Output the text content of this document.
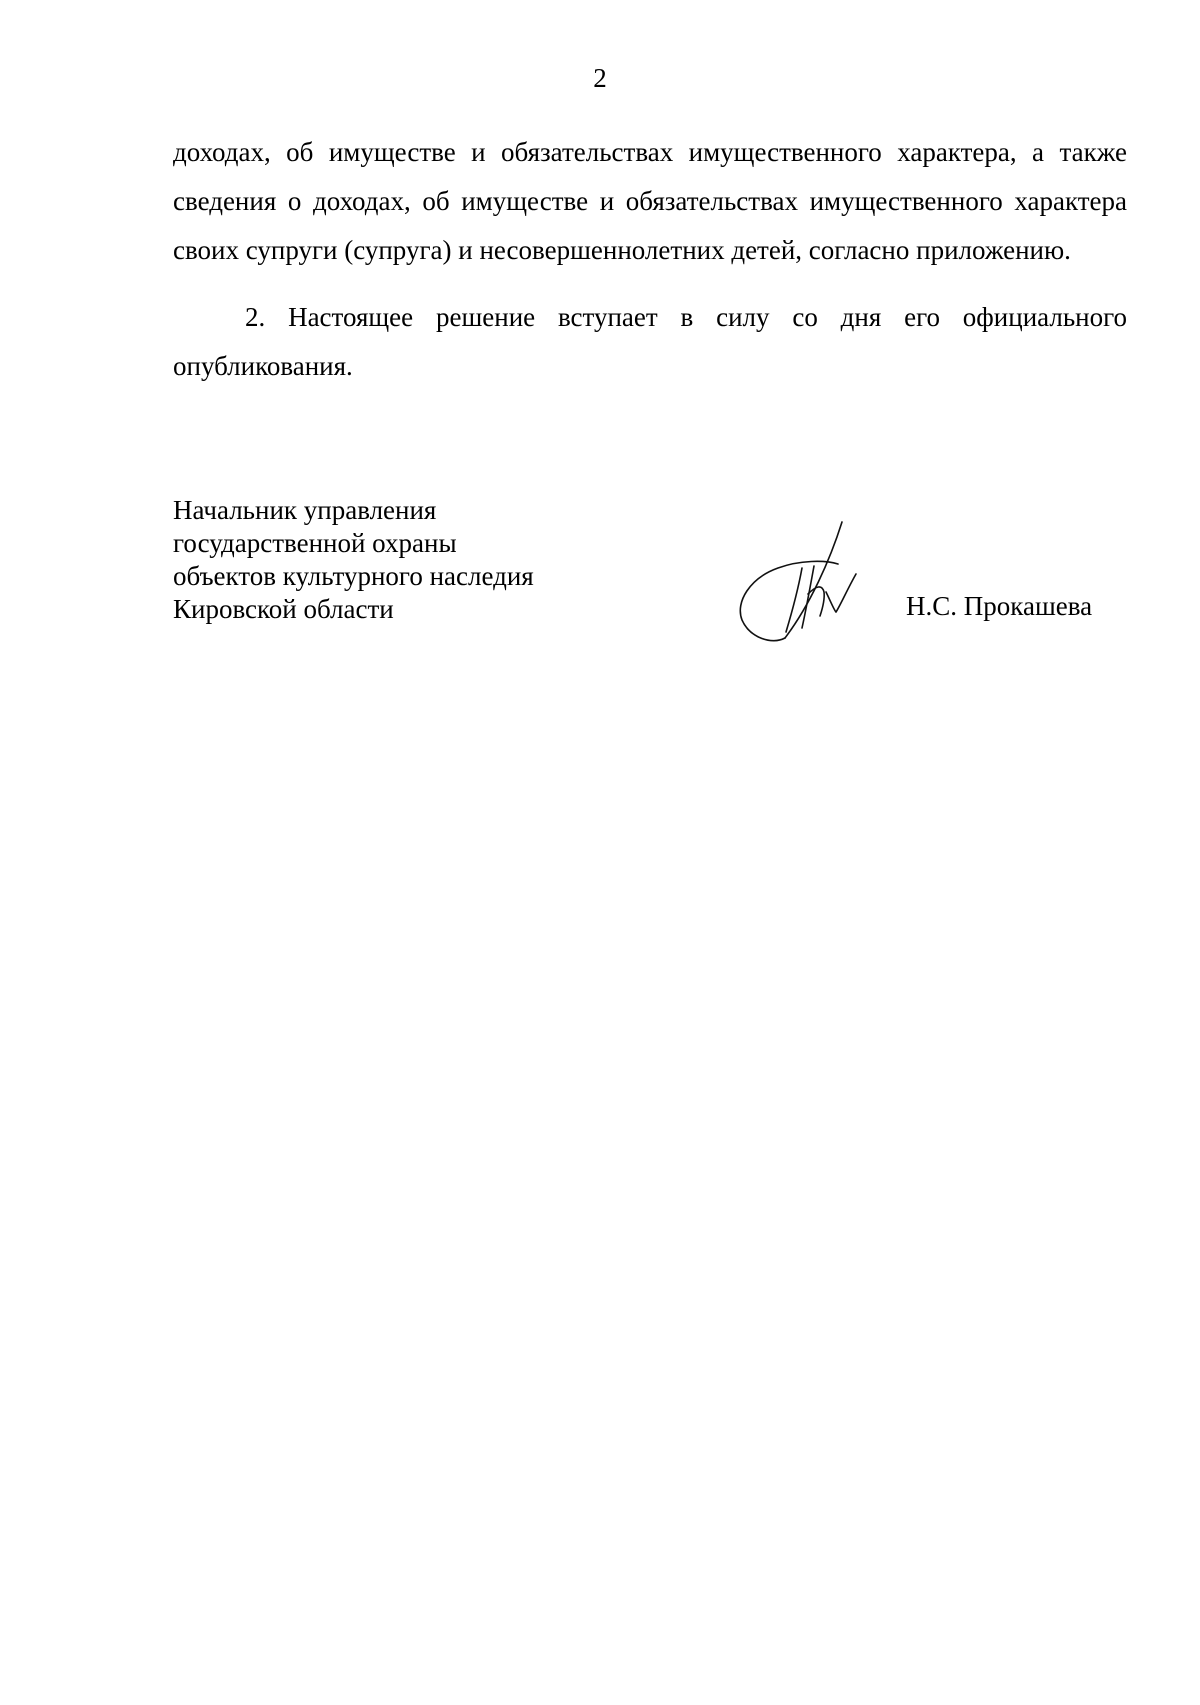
2

доходах, об имуществе и обязательствах имущественного характера, а также сведения о доходах, об имуществе и обязательствах имущественного характера своих супруги (супруга) и несовершеннолетних детей, согласно приложению.

2. Настоящее решение вступает в силу со дня его официального опубликования.

Начальник управления
государственной охраны
объектов культурного наследия
Кировской области	Н.С. Прокашева
